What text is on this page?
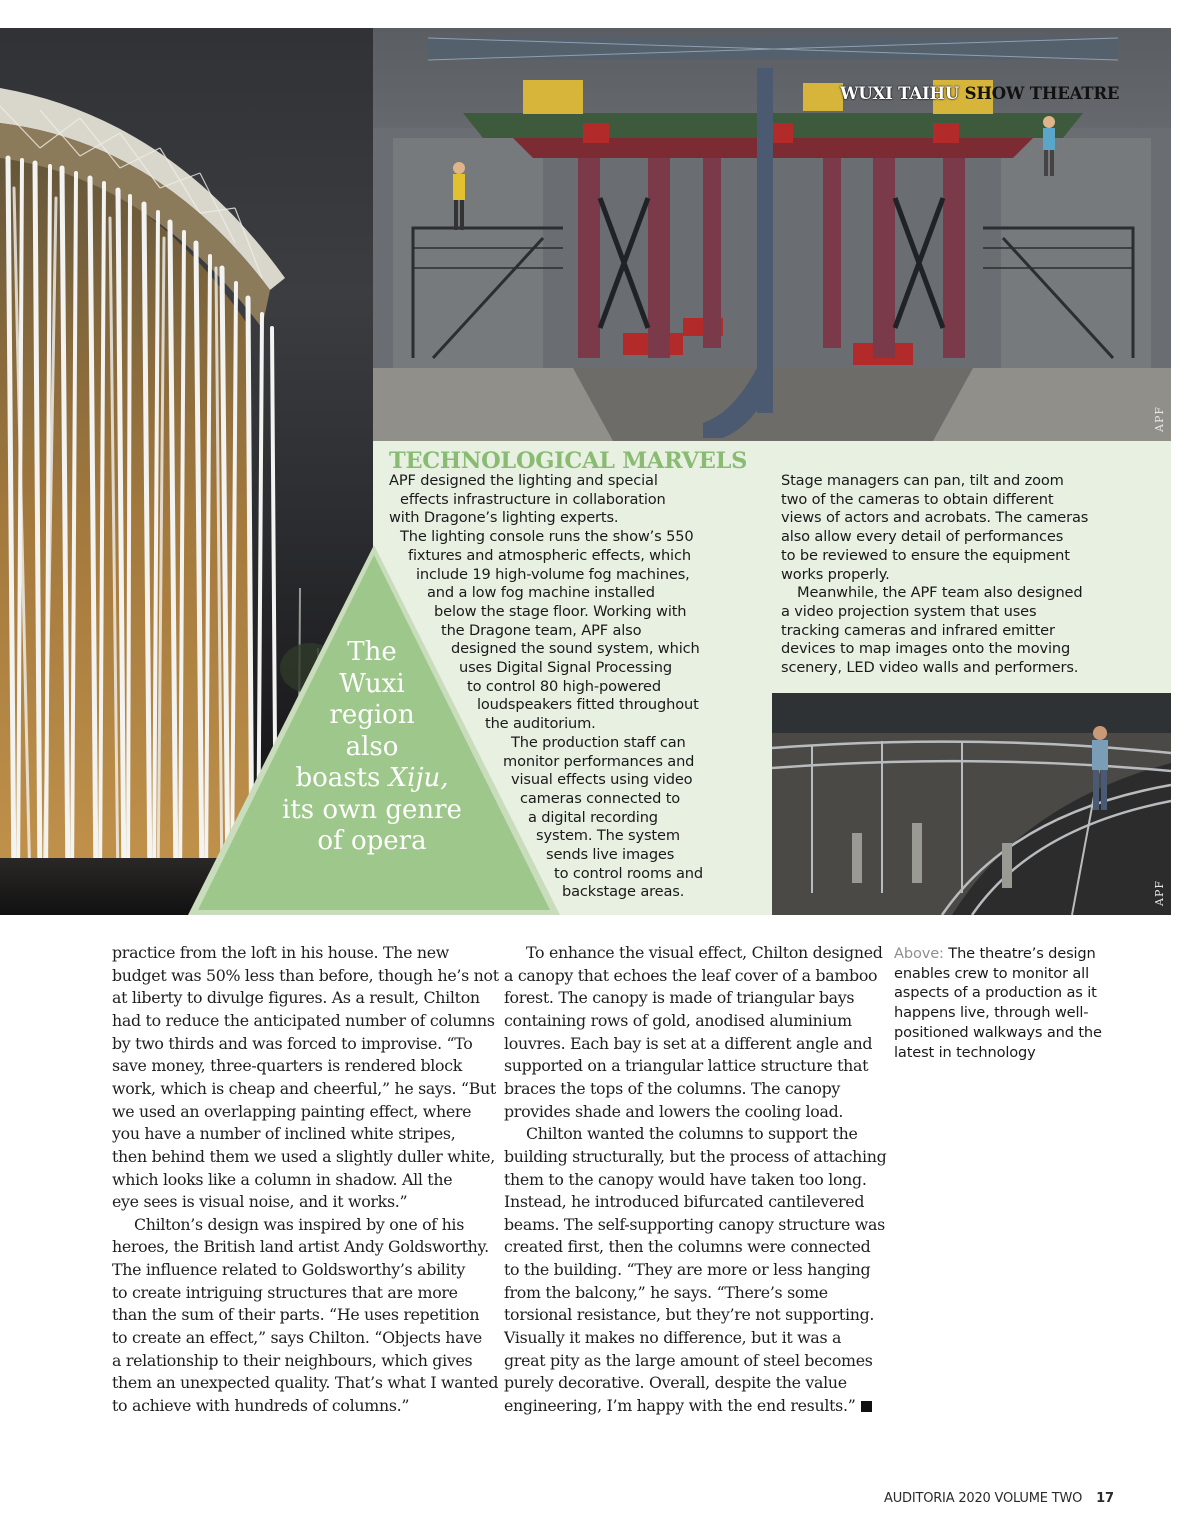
APF
WUXI TAIHU SHOW THEATRE
TECHNOLOGICAL MARVELS
The
Wuxi
region
also
boasts Xiju,
its own genre
of opera
APF designed the lighting and special
effects infrastructure in collaboration
with Dragone’s lighting experts.
The lighting console runs the show’s 550
fixtures and atmospheric effects, which
include 19 high-volume fog machines,
and a low fog machine installed
below the stage floor. Working with
the Dragone team, APF also
designed the sound system, which
uses Digital Signal Processing
to control 80 high-powered
loudspeakers fitted throughout
the auditorium.
The production staff can
monitor performances and
visual effects using video
cameras connected to
a digital recording
system. The system
sends live images
to control rooms and
backstage areas.
Stage managers can pan, tilt and zoom
two of the cameras to obtain different
views of actors and acrobats. The cameras
also allow every detail of performances
to be reviewed to ensure the equipment
works properly.
Meanwhile, the APF team also designed
a video projection system that uses
tracking cameras and infrared emitter
devices to map images onto the moving
scenery, LED video walls and performers.
APF
practice from the loft in his house. The new
budget was 50% less than before, though he’s not
at liberty to divulge figures. As a result, Chilton
had to reduce the anticipated number of columns
by two thirds and was forced to improvise. “To
save money, three-quarters is rendered block
work, which is cheap and cheerful,” he says. “But
we used an overlapping painting effect, where
you have a number of inclined white stripes,
then behind them we used a slightly duller white,
which looks like a column in shadow. All the
eye sees is visual noise, and it works.”
Chilton’s design was inspired by one of his
heroes, the British land artist Andy Goldsworthy.
The influence related to Goldsworthy’s ability
to create intriguing structures that are more
than the sum of their parts. “He uses repetition
to create an effect,” says Chilton. “Objects have
a relationship to their neighbours, which gives
them an unexpected quality. That’s what I wanted
to achieve with hundreds of columns.”
To enhance the visual effect, Chilton designed
a canopy that echoes the leaf cover of a bamboo
forest. The canopy is made of triangular bays
containing rows of gold, anodised aluminium
louvres. Each bay is set at a different angle and
supported on a triangular lattice structure that
braces the tops of the columns. The canopy
provides shade and lowers the cooling load.
Chilton wanted the columns to support the
building structurally, but the process of attaching
them to the canopy would have taken too long.
Instead, he introduced bifurcated cantilevered
beams. The self-supporting canopy structure was
created first, then the columns were connected
to the building. “They are more or less hanging
from the balcony,” he says. “There’s some
torsional resistance, but they’re not supporting.
Visually it makes no difference, but it was a
great pity as the large amount of steel becomes
purely decorative. Overall, despite the value
engineering, I’m happy with the end results.”
Above: The theatre’s design enables crew to monitor all aspects of a production as it happens live, through well-positioned walkways and the latest in technology
AUDITORIA 2020 VOLUME TWO 17
